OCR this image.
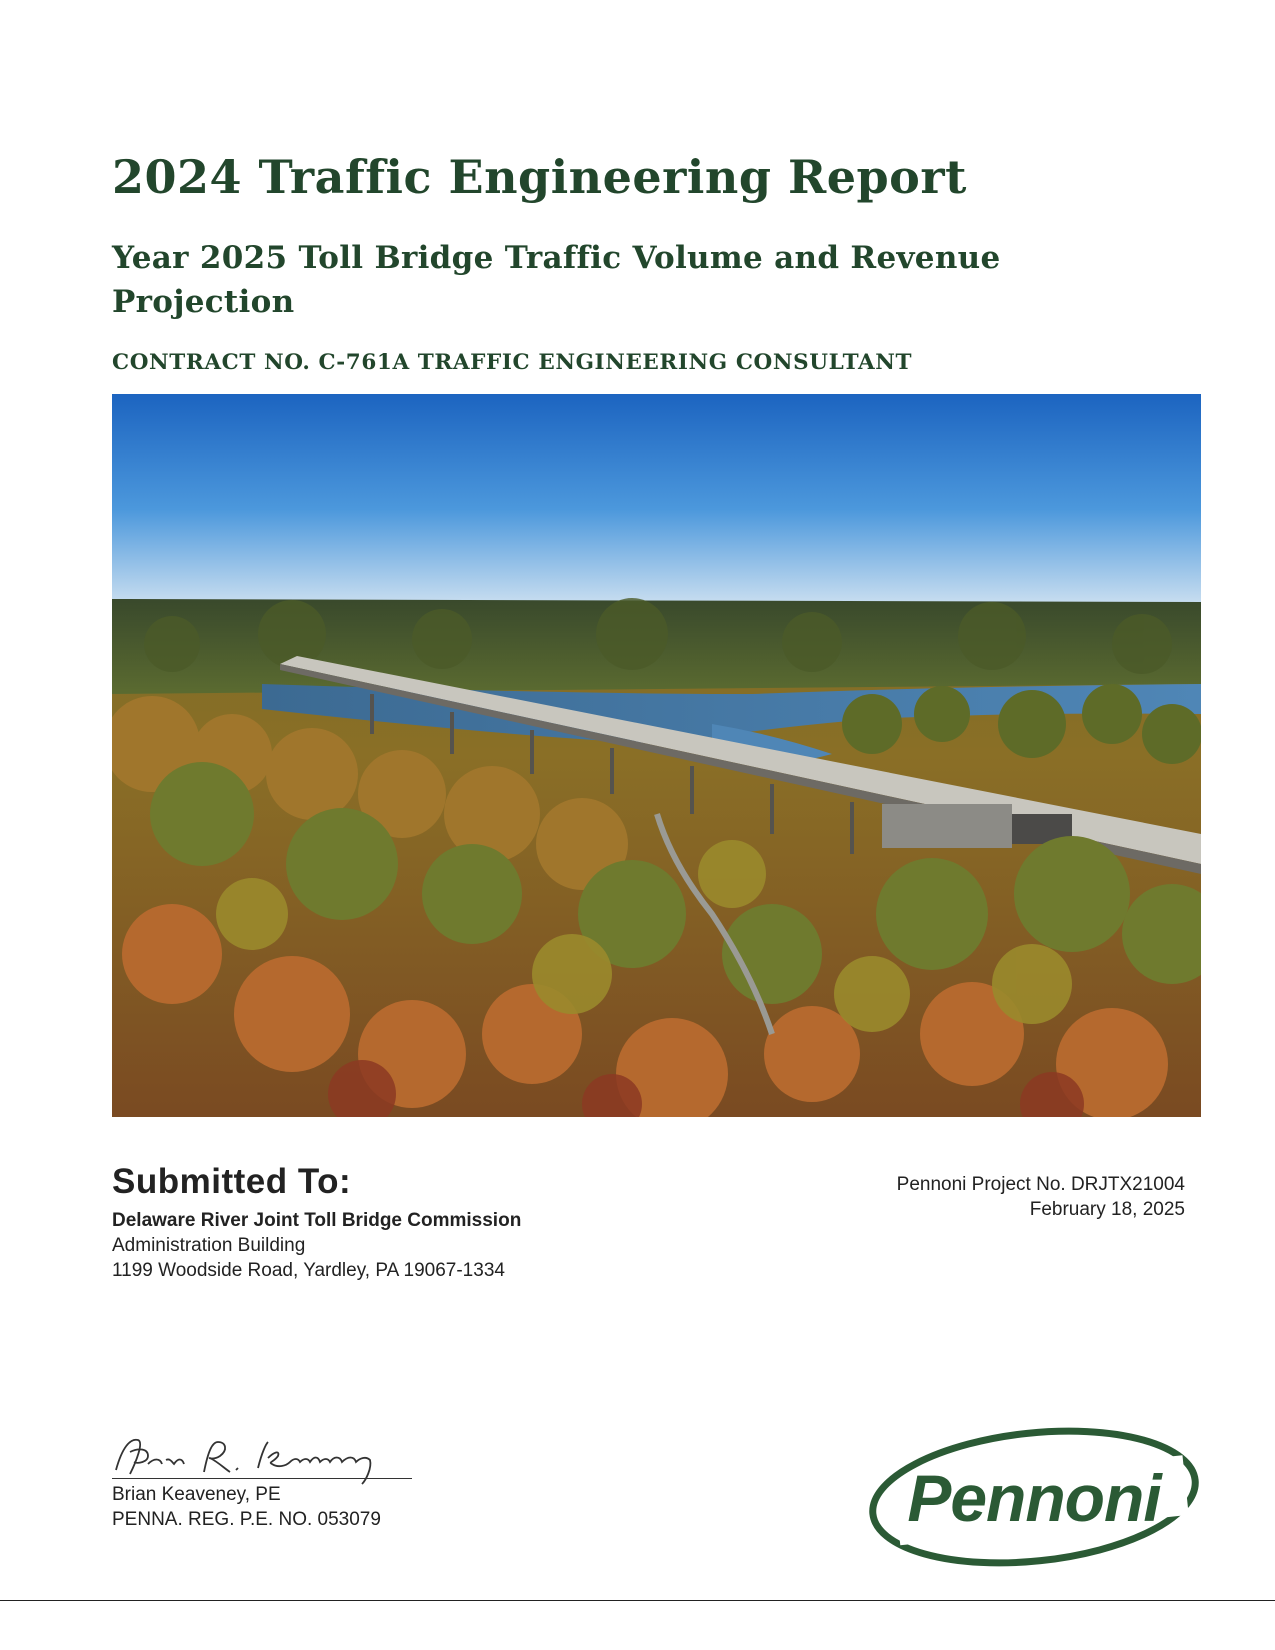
2024 Traffic Engineering Report
Year 2025 Toll Bridge Traffic Volume and Revenue Projection
CONTRACT NO. C-761A TRAFFIC ENGINEERING CONSULTANT
Submitted To:
Delaware River Joint Toll Bridge Commission
Administration Building
1199 Woodside Road, Yardley, PA 19067-1334
Pennoni Project No. DRJTX21004
February 18, 2025
Brian Keaveney, PE
PENNA. REG. P.E. NO. 053079	Pennoni
